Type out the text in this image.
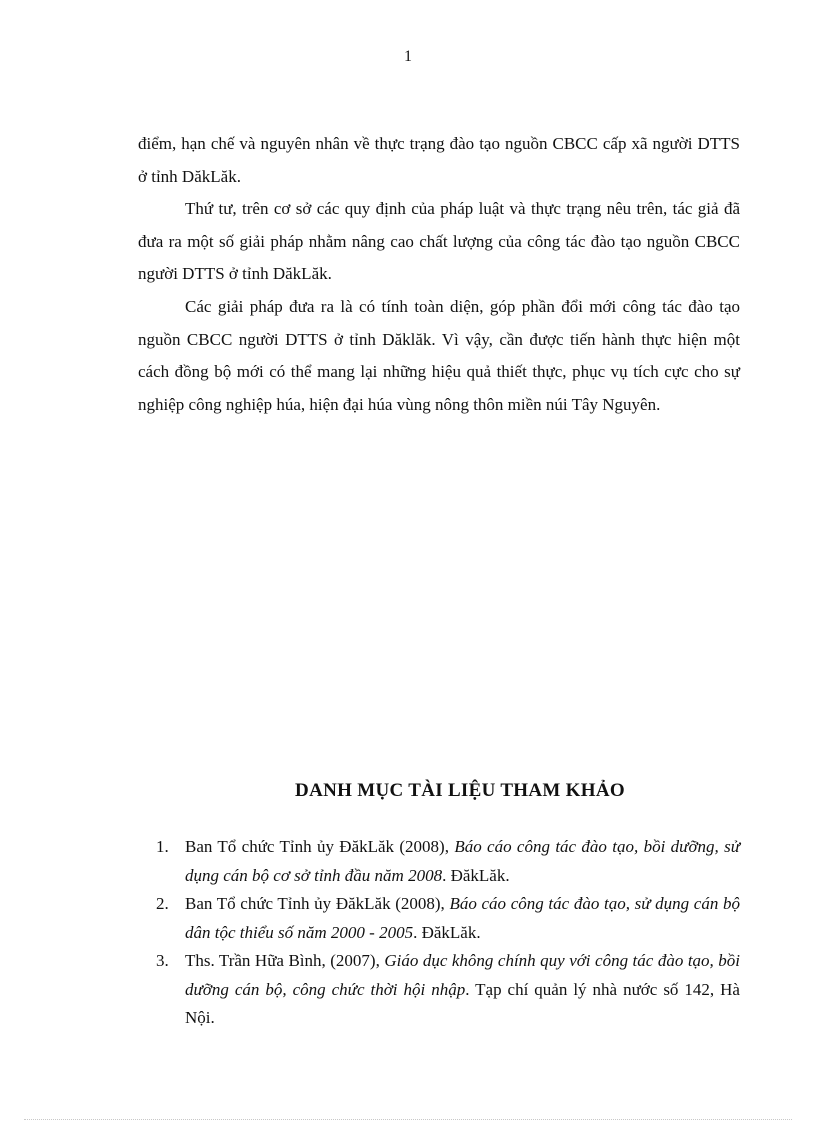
1

điểm, hạn chế và nguyên nhân về thực trạng đào tạo nguồn CBCC cấp xã người DTTS ở tỉnh DăkLăk.

Thứ tư, trên cơ sở các quy định của pháp luật và thực trạng nêu trên, tác giả đã đưa ra một số giải pháp nhằm nâng cao chất lượng của công tác đào tạo nguồn CBCC người DTTS ở tỉnh DăkLăk.

Các giải pháp đưa ra là có tính toàn diện, góp phần đổi mới công tác đào tạo nguồn CBCC người DTTS ở tỉnh Dăklăk. Vì vậy, cần được tiến hành thực hiện một cách đồng bộ mới có thể mang lại những hiệu quả thiết thực, phục vụ tích cực cho sự nghiệp công nghiệp húa, hiện đại húa vùng nông thôn miền núi Tây Nguyên.

DANH MỤC TÀI LIỆU THAM KHẢO
1. Ban Tổ chức Tỉnh ủy ĐăkLăk (2008), Báo cáo công tác đào tạo, bồi dưỡng, sử dụng cán bộ cơ sở tỉnh đầu năm 2008. ĐăkLăk.
2. Ban Tổ chức Tỉnh ủy ĐăkLăk (2008), Báo cáo công tác đào tạo, sử dụng cán bộ dân tộc thiểu số năm 2000 - 2005. ĐăkLăk.
3. Ths. Trần Hữa Bình, (2007), Giáo dục không chính quy với công tác đào tạo, bồi dưỡng cán bộ, công chức thời hội nhập. Tạp chí quản lý nhà nước số 142, Hà Nội.
